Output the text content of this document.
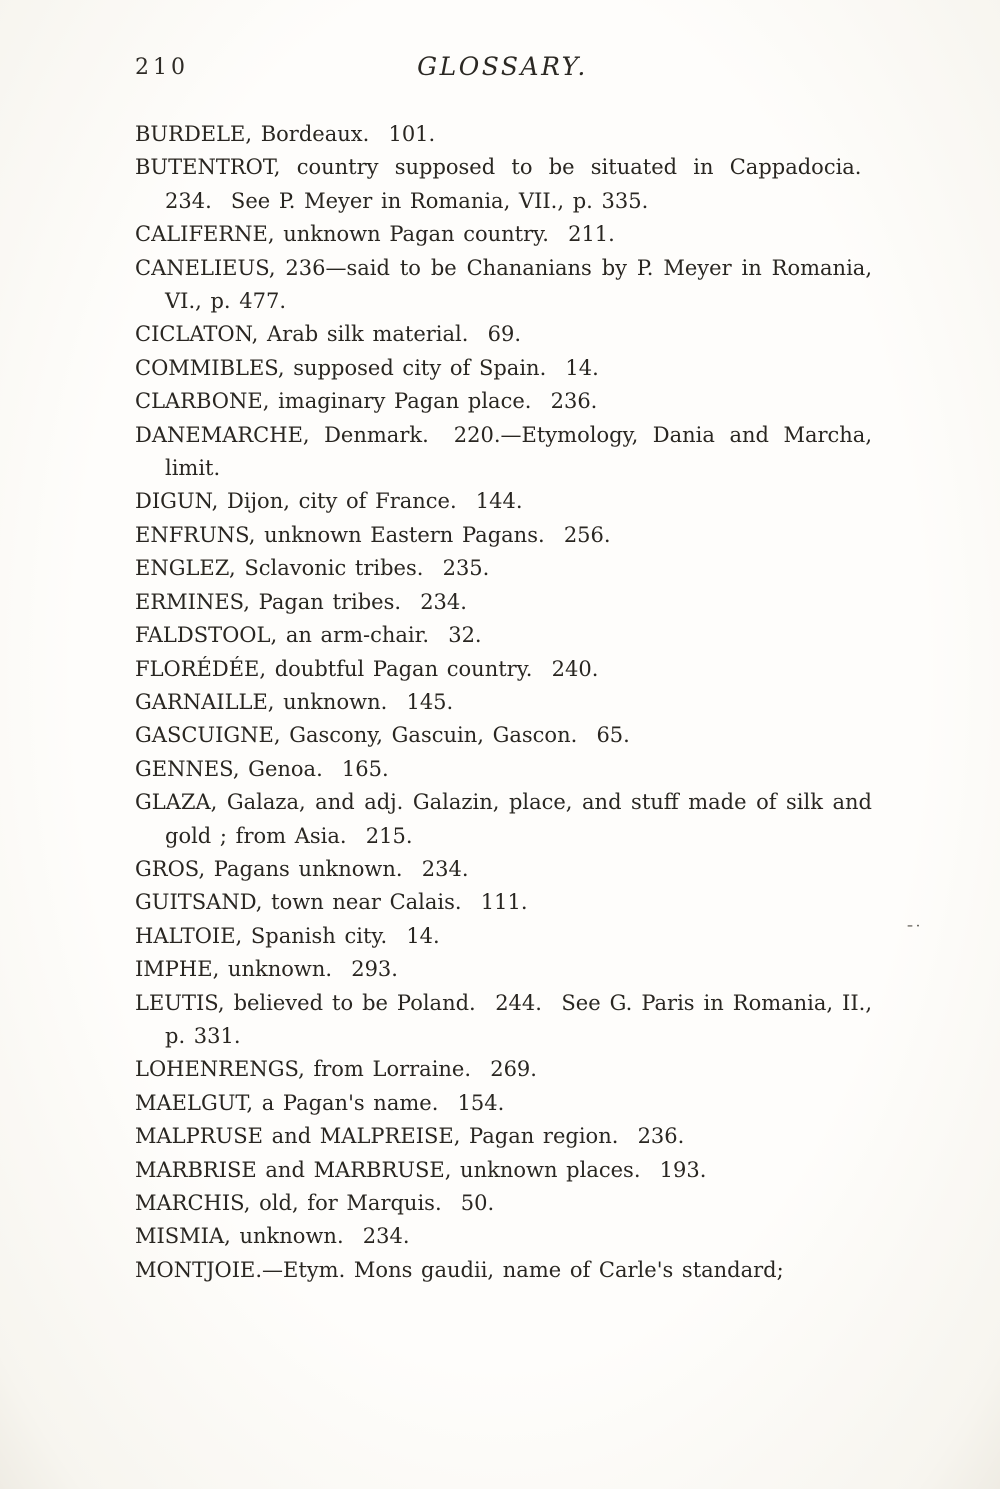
210	GLOSSARY.

BURDELE, Bordeaux.  101.

BUTENTROT, country supposed to be situated in Cappadocia.  234.  See P. Meyer in Romania, VII., p. 335.

CALIFERNE, unknown Pagan country.  211.

CANELIEUS, 236—said to be Chananians by P. Meyer in Romania, VI., p. 477.

CICLATON, Arab silk material.  69.

COMMIBLES, supposed city of Spain.  14.

CLARBONE, imaginary Pagan place.  236.

DANEMARCHE, Denmark.  220.—Etymology, Dania and Marcha, limit.

DIGUN, Dijon, city of France.  144.

ENFRUNS, unknown Eastern Pagans.  256.

ENGLEZ, Sclavonic tribes.  235.

ERMINES, Pagan tribes.  234.

FALDSTOOL, an arm-chair.  32.

FLORÉDÉE, doubtful Pagan country.  240.

GARNAILLE, unknown.  145.

GASCUIGNE, Gascony, Gascuin, Gascon.  65.

GENNES, Genoa.  165.

GLAZA, Galaza, and adj. Galazin, place, and stuff made of silk and gold ; from Asia.  215.

GROS, Pagans unknown.  234.

GUITSAND, town near Calais.  111.

HALTOIE, Spanish city.  14.

IMPHE, unknown.  293.

LEUTIS, believed to be Poland.  244.  See G. Paris in Romania, II., p. 331.

LOHENRENGS, from Lorraine.  269.

MAELGUT, a Pagan's name.  154.

MALPRUSE and MALPREISE, Pagan region.  236.

MARBRISE and MARBRUSE, unknown places.  193.

MARCHIS, old, for Marquis.  50.

MISMIA, unknown.  234.

MONTJOIE.—Etym. Mons gaudii, name of Carle's standard;

ˉ˙
